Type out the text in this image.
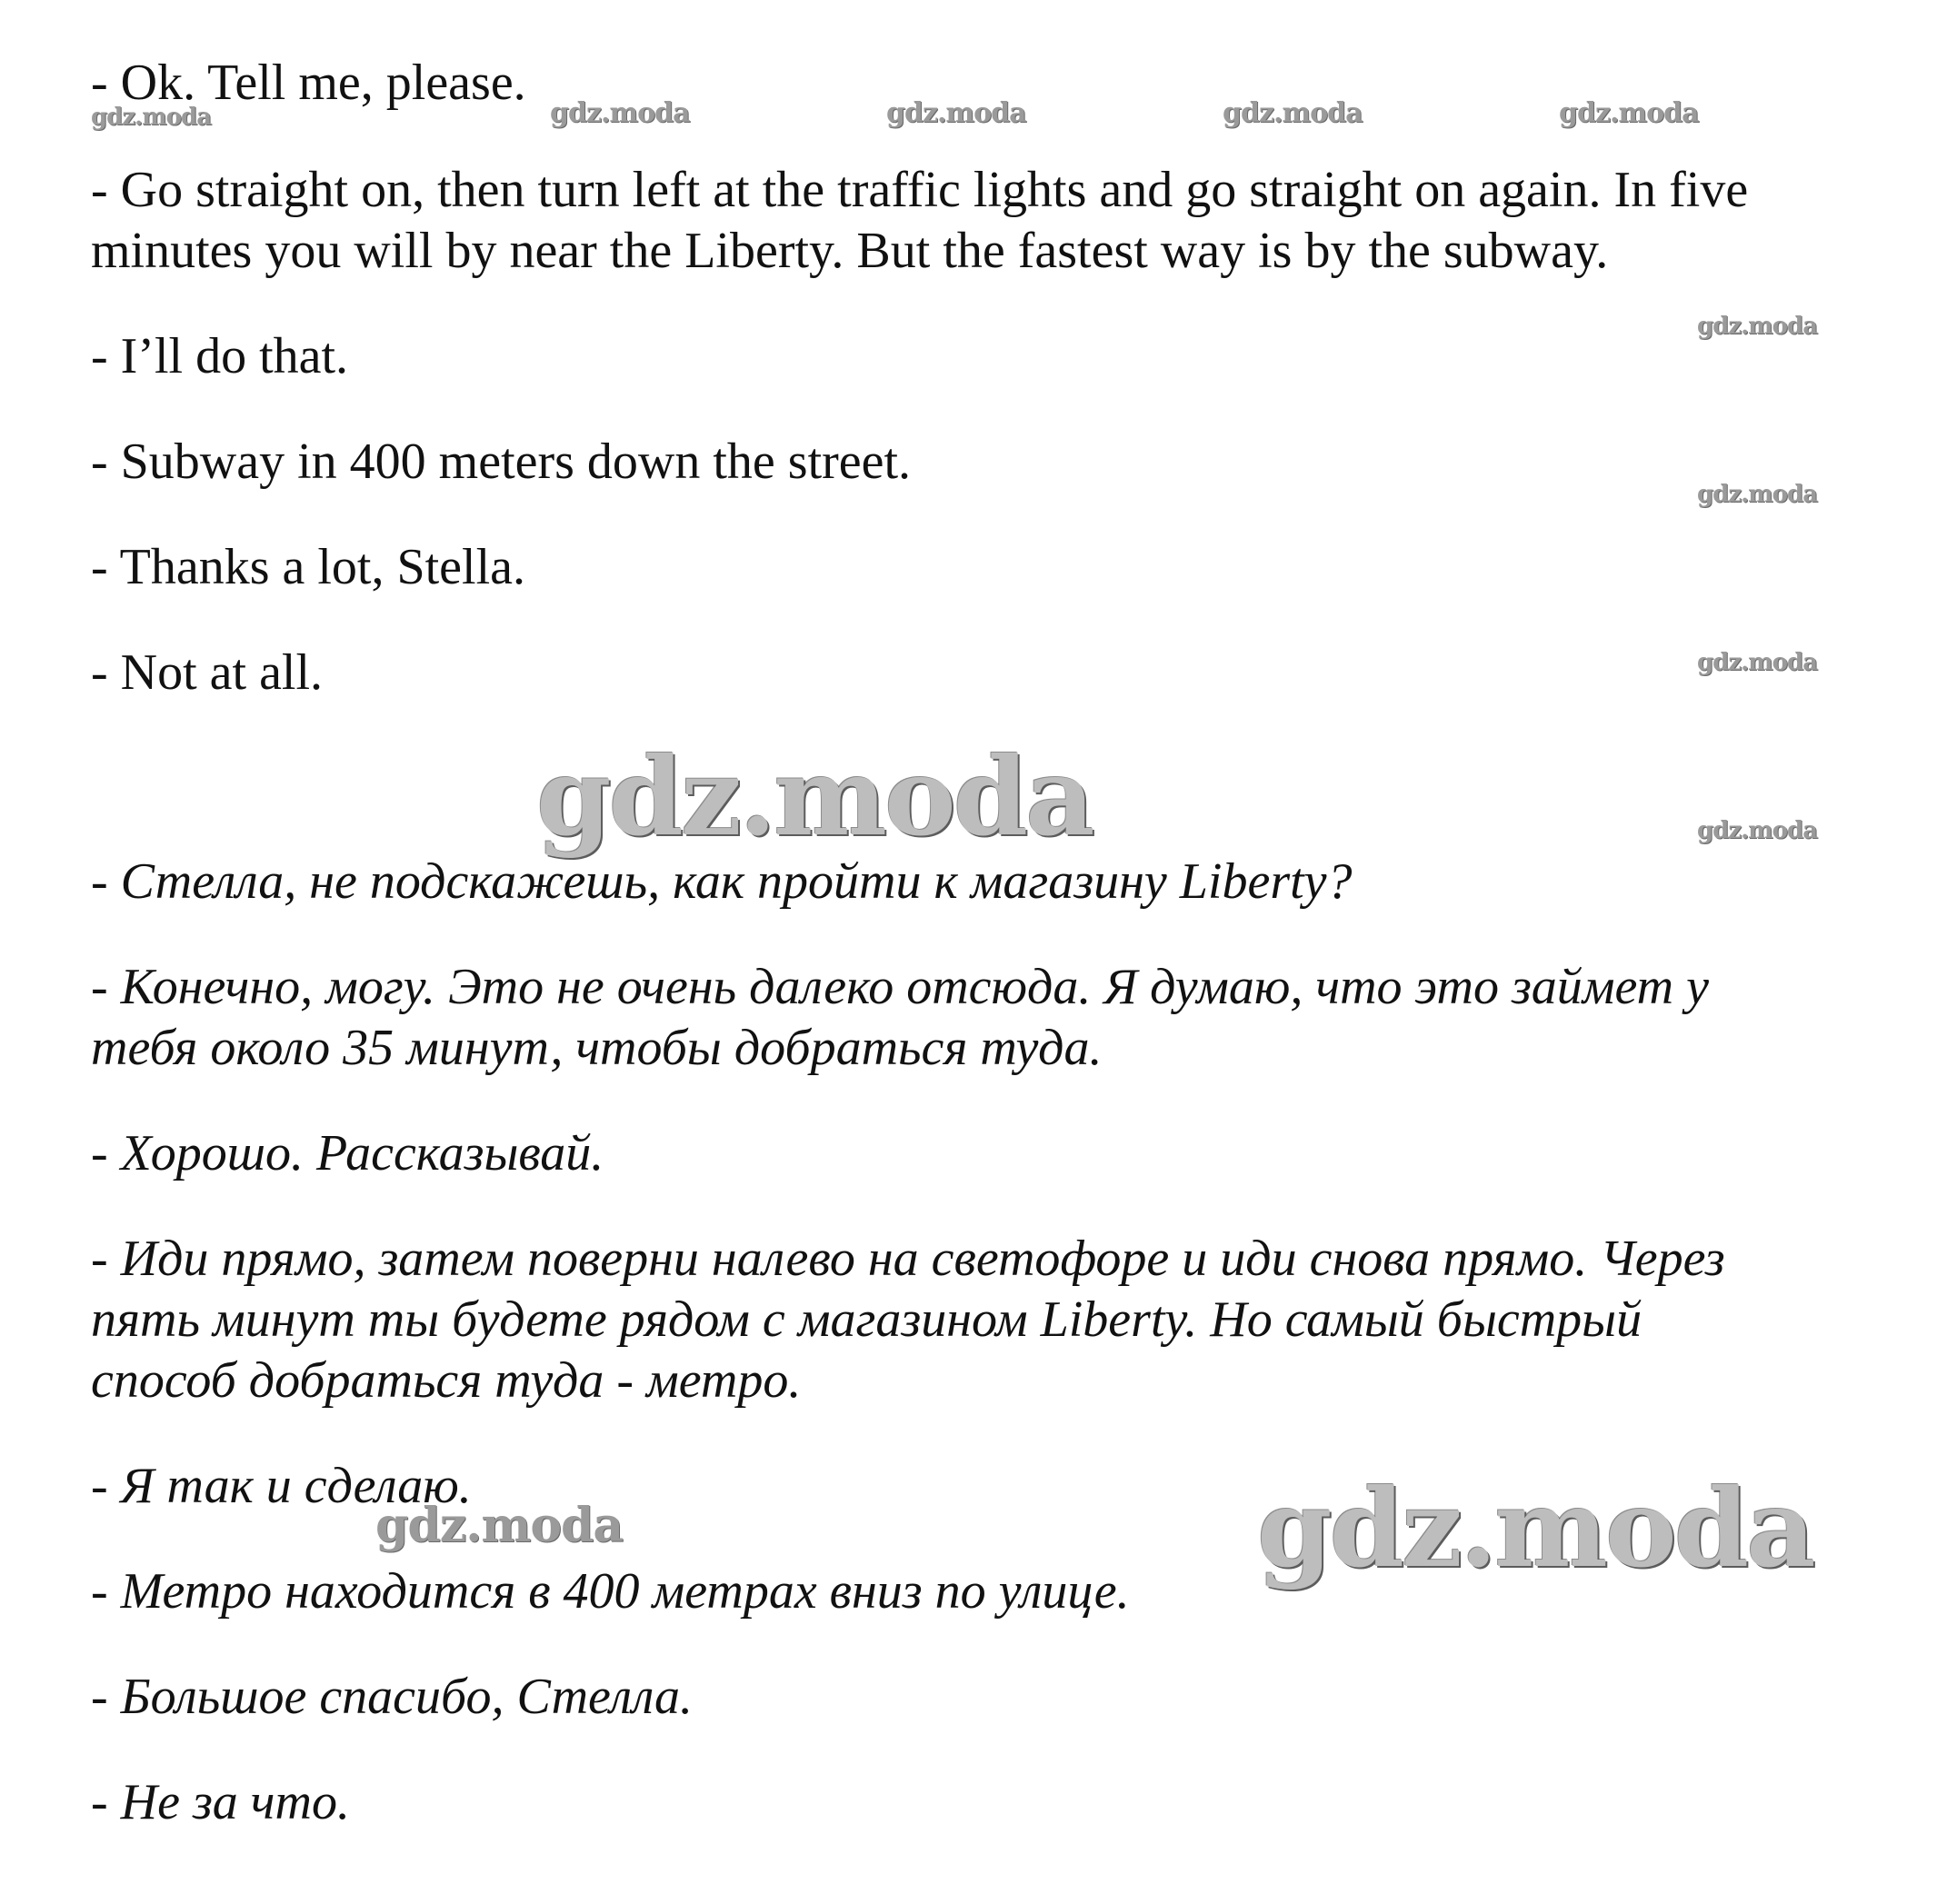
- Ok. Tell me, please.

- Go straight on, then turn left at the traffic lights and go straight on again. In five

minutes you will by near the Liberty. But the fastest way is by the subway.

- I’ll do that.

- Subway in 400 meters down the street.

- Thanks a lot, Stella.

- Not at all.

- Стелла, не подскажешь, как пройти к магазину Liberty?

- Конечно, могу. Это не очень далеко отсюда. Я думаю, что это займет у

тебя около 35 минут, чтобы добраться туда.

- Хорошо. Рассказывай.

- Иди прямо, затем поверни налево на светофоре и иди снова прямо. Через

пять минут ты будете рядом с магазином Liberty. Но самый быстрый

способ добраться туда - метро.

- Я так и сделаю.

- Метро находится в 400 метрах вниз по улице.

- Большое спасибо, Стелла.

- Не за что.

gdz.moda	gdz.moda	gdz.moda	gdz.moda	gdz.moda
gdz.moda
gdz.moda
gdz.moda
gdz.moda
gdz.moda
gdz.moda	gdz.moda
